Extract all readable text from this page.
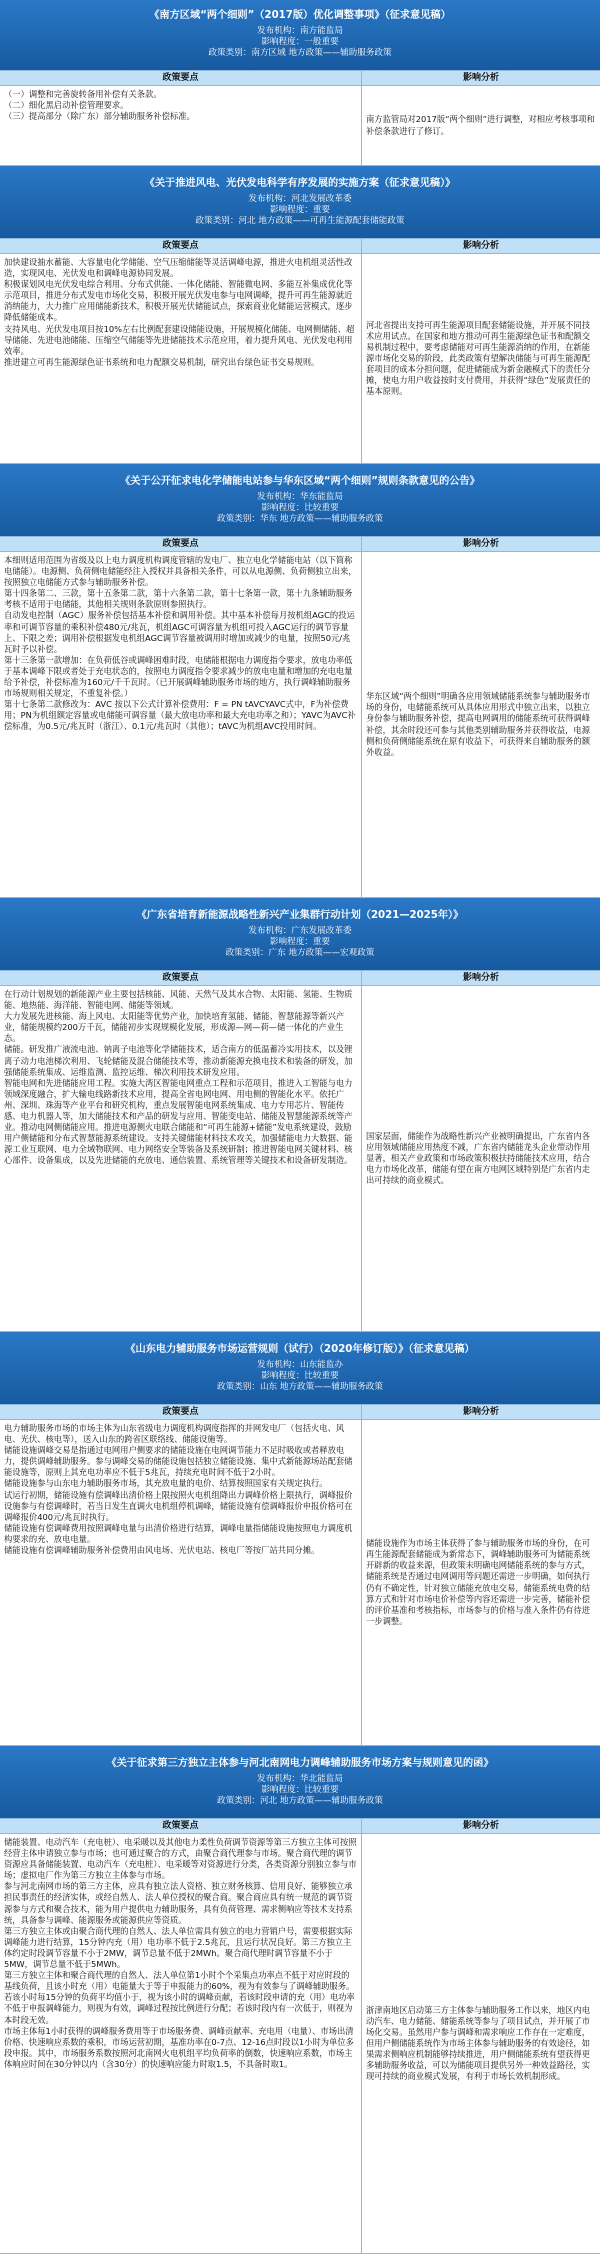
《南方区域“两个细则”（2017版）优化调整事项》（征求意见稿）
发布机构：南方能监局
影响程度：一般重要
政策类别：南方区域 地方政策——辅助服务政策
政策要点	影响分析

（一）调整和完善旋转备用补偿有关条款。

（二）细化黑启动补偿管理要求。

（三）提高部分（除广东）部分辅助服务补偿标准。	南方监管局对2017版“两个细则”进行调整，对相应考核事项和补偿条款进行了修订。

《关于推进风电、光伏发电科学有序发展的实施方案（征求意见稿）》
发布机构：河北发展改革委
影响程度：重要
政策类别：河北 地方政策——可再生能源配套储能政策
政策要点	影响分析

加快建设抽水蓄能、大容量电化学储能、空气压缩储能等灵活调峰电源，推进火电机组灵活性改造，实现风电、光伏发电和调峰电源协同发展。

积极谋划风电光伏发电综合利用、分布式供能、一体化储能、智能微电网、多能互补集成优化等示范项目，推进分布式发电市场化交易，积极开展光伏发电参与电网调峰，提升可再生能源就近消纳能力，大力推广应用储能新技术，积极开展光伏储能试点，探索商业化储能运营模式，逐步降低储能成本。

支持风电、光伏发电项目按10%左右比例配套建设储能设施，开展规模化储能、电网侧储能、超导储能、先进电池储能、压缩空气储能等先进储能技术示范应用，着力提升风电、光伏发电利用效率。

推进建立可再生能源绿色证书系统和电力配额交易机制，研究出台绿色证书交易规则。

河北省提出支持可再生能源项目配套储能设施，并开展不同技术应用试点。在国家和地方推动可再生能源绿色证书和配额交易机制过程中，要考虑储能对可再生能源消纳的作用，在新能源市场化交易的阶段，此类政策有望解决储能与可再生能源配套项目的成本分担问题，促进储能成为新金融模式下的责任分摊，使电力用户收益按时支付费用，并获得“绿色”发展责任的基本原则。

《关于公开征求电化学储能电站参与华东区域“两个细则”规则条款意见的公告》
发布机构：华东能监局
影响程度：比较重要
政策类别：华东 地方政策——辅助服务政策
政策要点	影响分析

本细则适用范围为省级及以上电力调度机构调度管辖的发电厂、独立电化学储能电站（以下简称电储能）。电源侧、负荷侧电储能经注入授权并具备相关条件，可以从电源侧、负荷侧独立出来，按照独立电储能方式参与辅助服务补偿。

第十四条第二、三款，第十五条第二款，第十六条第二款，第十七条第一款，第十九条辅助服务考核不适用于电储能，其他相关规则条款原则参照执行。

自动发电控制（AGC）服务补偿包括基本补偿和调用补偿。其中基本补偿每月按机组AGC的投运率和可调节容量的乘积补偿480元/兆瓦，机组AGC可调容量为机组可投入AGC运行的调节容量上、下限之差；调用补偿根据发电机组AGC调节容量被调用时增加或减少的电量，按照50元/兆瓦时予以补偿。

第十三条第一款增加：在负荷低谷或调峰困难时段，电储能根据电力调度指令要求，放电功率低于基本调峰下限或者处于充电状态的，按照电力调度指令要求减少的放电电量和增加的充电电量给予补偿，补偿标准为160元/千千瓦时。（已开展调峰辅助服务市场的地方，执行调峰辅助服务市场规则相关规定，不重复补偿。）

第十七条第二款修改为：AVC 按以下公式计算补偿费用：F = PN tAVCYAVC式中，F为补偿费用；PN为机组额定容量或电储能可调容量（最大放电功率和最大充电功率之和）；YAVC为AVC补偿标准，为0.5元/兆瓦时（浙江）、0.1元/兆瓦时（其他）；tAVC为机组AVC投用时间。

华东区域“两个细则”明确各应用领域储能系统参与辅助服务市场的身份，电储能系统可从具体应用形式中独立出来，以独立身份参与辅助服务补偿，提高电网调用的储能系统可获得调峰补偿，其余时段还可参与其他类别辅助服务并获得收益，电源侧和负荷侧储能系统在原有收益下，可获得来自辅助服务的额外收益。

《广东省培育新能源战略性新兴产业集群行动计划（2021—2025年）》
发布机构：广东发展改革委
影响程度：重要
政策类别：广东 地方政策——宏观政策
政策要点	影响分析

在行动计划规划的新能源产业主要包括核能、风能、天然气及其水合物、太阳能、氢能、生物质能、地热能、海洋能、智能电网、储能等领域。

大力发展先进核能、海上风电、太阳能等优势产业，加快培育氢能、储能、智慧能源等新兴产业，储能规模约200万千瓦，储能初步实现规模化发展，形成源—网—荷—储一体化的产业生态。

储能。研发推广液流电池、钠离子电池等化学储能技术，适合南方的低温蓄冷实用技术，以及锂离子动力电池梯次利用、飞轮储能及混合储能技术等，推动新能源充换电技术和装备的研发，加强储能系统集成、运维监测、监控运维、梯次利用技术研发应用。

智能电网和先进储能应用工程。实施大湾区智能电网重点工程和示范项目，推进入工智能与电力领域深度融合，扩大输电线路新技术应用，提高全省电网电网、用电侧的智能化水平。依托广州、深圳、珠海等产业平台和研究机构，重点发展智能电网系统集成、电力专用芯片、智能传感、电力机器人等，加大储能技术和产品的研发与应用、智能变电站、储能及智慧能源系统等产业。推动电网侧储能应用。推进电源侧火电联合储能和“可再生能源+储能”发电系统建设，鼓励用户侧储能和分布式智慧能源系统建设。支持关键储能材料技术攻关，加强储能电力大数据、能源工业互联网、电力全域物联网、电力网络安全等装备及系统研制；推进智能电网关键材料、核心部件、设备集成，以及先进储能的充放电、通信装置、系统管理等关键技术和设备研发制造。

国家层面，储能作为战略性新兴产业被明确提出，广东省内各应用领域储能应用热度不减，广东省内储能龙头企业带动作用显著，相关产业政策和市场政策积极扶持储能技术应用，结合电力市场化改革，储能有望在南方电网区域特别是广东省内走出可持续的商业模式。

《山东电力辅助服务市场运营规则（试行）（2020年修订版）》（征求意见稿）
发布机构：山东能监办
影响程度：比较重要
政策类别：山东 地方政策——辅助服务政策
政策要点	影响分析

电力辅助服务市场的市场主体为山东省级电力调度机构调度指挥的并网发电厂（包括火电、风电、光伏、核电等），送入山东的跨省区联络线、储能设施等。

储能设施调峰交易是指通过电网用户侧要求的储能设施在电网调节能力不足时吸收或者释放电力，提供调峰辅助服务。参与调峰交易的储能设施包括独立储能设施、集中式新能源场站配套储能设施等，原则上其充电功率应不低于5兆瓦，持续充电时间不低于2小时。

储能设施参与山东电力辅助服务市场，其充放电量的电价、结算按照国家有关规定执行。

试运行初期，储能设施有偿调峰出清价格上限按照火电机组降出力调峰价格上限执行，调峰报价设施参与有偿调峰时，若当日发生直调火电机组停机调峰，储能设施有偿调峰报价申报价格可在调峰报价400元/兆瓦时执行。

储能设施有偿调峰费用按照调峰电量与出清价格进行结算，调峰电量指储能设施按照电力调度机构要求的充、放电电量。

储能设施有偿调峰辅助服务补偿费用由风电场、光伏电站、核电厂等按厂站共同分摊。

储能设施作为市场主体获得了参与辅助服务市场的身份，在可再生能源配套储能成为新常态下，调峰辅助服务可为储能系统开辟新的收益来源，但政策未明确电网储能系统的参与方式，储能系统是否通过电网调用等问题还需进一步明确，如何执行仍有不确定性，针对独立储能充放电交易，储能系统电费的结算方式和针对市场电价补偿等内容还需进一步完善，储能补偿的评价基准和考核指标，市场参与的价格与准入条件仍有待进一步调整。

《关于征求第三方独立主体参与河北南网电力调峰辅助服务市场方案与规则意见的函》
发布机构：华北能监局
影响程度：比较重要
政策类别：河北 地方政策——辅助服务政策
政策要点	影响分析

储能装置、电动汽车（充电桩）、电采暖以及其他电力柔性负荷调节资源等第三方独立主体可按照经营主体申请独立参与市场；也可通过聚合的方式，由聚合商代理参与市场。聚合商代理的调节资源应具备储能装置、电动汽车（充电桩）、电采暖等对资源进行分类，各类资源分别独立参与市场；虚拟电厂作为第三方独立主体参与市场。

参与河北南网市场的第三方主体，应具有独立法人资格、独立财务核算、信用良好、能够独立承担民事责任的经济实体，或经自然人、法人单位授权的聚合商。聚合商应具有统一规范的调节资源参与方式和聚合技术，能为用户提供电力辅助服务，具有负荷管理、需求侧响应等技术支持系统，具备参与调峰、能源服务或能源供应等资质。

第三方独立主体或由聚合商代理的自然人、法人单位需具有独立的电力营销户号，需要根据实际调峰能力进行结算，15分钟内充（用）电功率不低于2.5兆瓦，且运行状况良好。第三方独立主体约定时段调节容量不小于2MW，调节总量不低于2MWh。聚合商代理时调节容量不小于5MW，调节总量不低于5MWh。

第三方独立主体和聚合商代理的自然人、法人单位第1小时个个采集点功率点不低于对应时段的基线负荷，且该小时充（用）电能量大于等于申报能力的60%，视为有效参与了调峰辅助服务。若该小时每15分钟的负荷平均值小于，视为该小时的调峰贡献，若该时段申请的充（用）电功率不低于申报调峰能力，则视为有效，调峰过程按比例进行分配；若该时段内有一次低于，则视为本时段无效。

市场主体每1小时获得的调峰服务费用等于市场服务费、调峰贡献率、充电用（电量）、市场出清价格、快速响应系数的乘积，市场运营初期，基准功率在0-7点、12-16点时段以1小时为单位多段申报。其中，市场服务系数按照河北南网火电机组平均负荷率的倒数，快速响应系数，市场主体响应时间在30分钟以内（含30分）的快速响应能力时取1.5，不具备时取1。

浙津南地区启动第三方主体参与辅助服务工作以来，地区内电动汽车、电力储能、储能系统等参与了项目试点，并开展了市场化交易。虽然用户参与调峰和需求响应工作存在一定难度，但用户侧储能系统作为市场主体参与辅助服务的有效途径，如果需求侧响应机制能够持续推进，用户侧储能系统有望获得更多辅助服务收益，可以为储能项目提供另外一种效益路径，实现可持续的商业模式发展，有利于市场长效机制形成。
